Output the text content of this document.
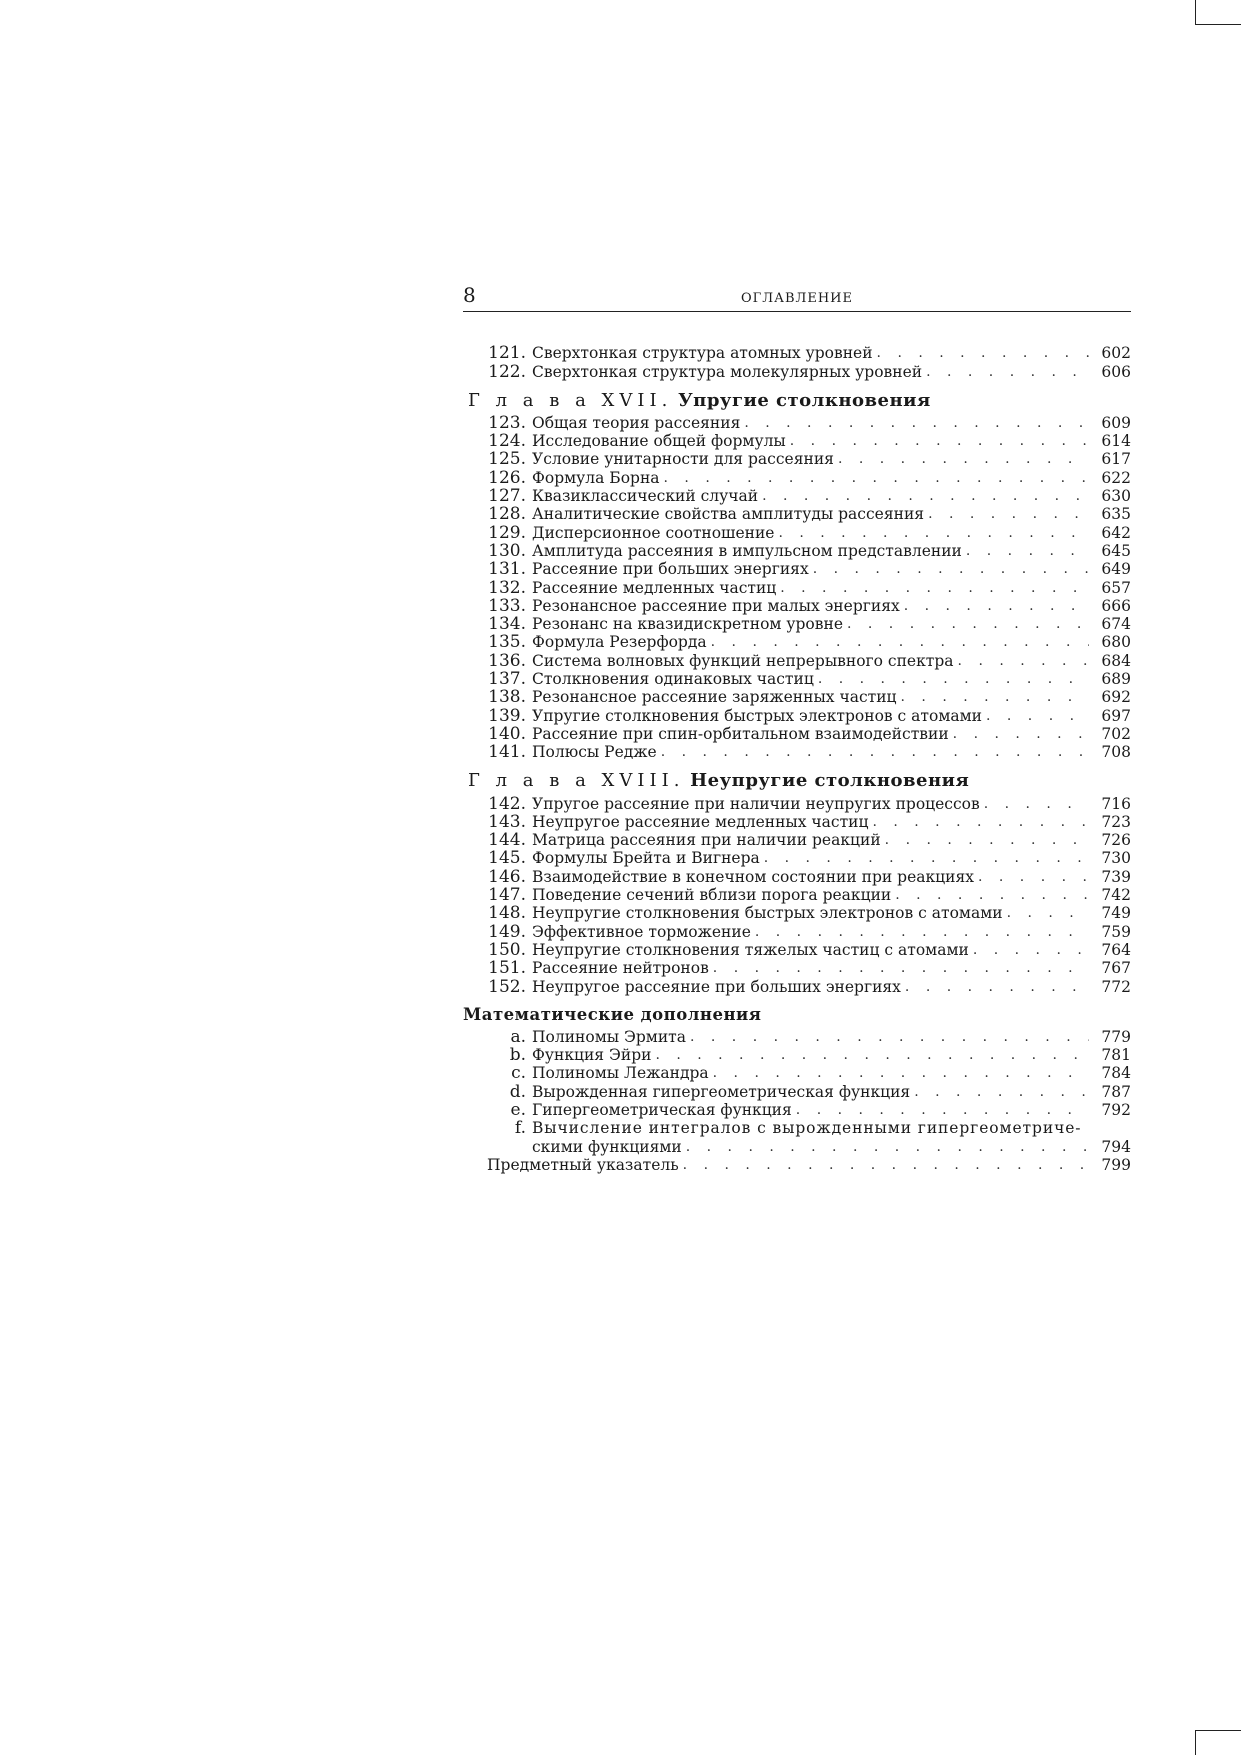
8	ОГЛАВЛЕНИЕ
121. Сверхтонкая структура атомных уровней . . .	602
122. Сверхтонкая структура молекулярных уровней . . .	606
Г л а в а XVII. Упругие столкновения
123. Общая теория рассеяния . . .	609
124. Исследование общей формулы . . .	614
125. Условие унитарности для рассеяния . . .	617
126. Формула Борна . . .	622
127. Квазиклассический случай . . .	630
128. Аналитические свойства амплитуды рассеяния . . .	635
129. Дисперсионное соотношение . . .	642
130. Амплитуда рассеяния в импульсном представлении . . .	645
131. Рассеяние при больших энергиях . . .	649
132. Рассеяние медленных частиц . . .	657
133. Резонансное рассеяние при малых энергиях . . .	666
134. Резонанс на квазидискретном уровне . . .	674
135. Формула Резерфорда . . .	680
136. Система волновых функций непрерывного спектра . . .	684
137. Столкновения одинаковых частиц . . .	689
138. Резонансное рассеяние заряженных частиц . . .	692
139. Упругие столкновения быстрых электронов с атомами . . .	697
140. Рассеяние при спин-орбитальном взаимодействии . . .	702
141. Полюсы Редже . . .	708
Г л а в а XVIII. Неупругие столкновения
142. Упругое рассеяние при наличии неупругих процессов . . .	716
143. Неупругое рассеяние медленных частиц . . .	723
144. Матрица рассеяния при наличии реакций . . .	726
145. Формулы Брейта и Вигнера . . .	730
146. Взаимодействие в конечном состоянии при реакциях . . .	739
147. Поведение сечений вблизи порога реакции . . .	742
148. Неупругие столкновения быстрых электронов с атомами . . .	749
149. Эффективное торможение . . .	759
150. Неупругие столкновения тяжелых частиц с атомами . . .	764
151. Рассеяние нейтронов . . .	767
152. Неупругое рассеяние при больших энергиях . . .	772
Математические дополнения
a. Полиномы Эрмита . . .	779
b. Функция Эйри . . .	781
c. Полиномы Лежандра . . .	784
d. Вырожденная гипергеометрическая функция . . .	787
e. Гипергеометрическая функция . . .	792
f. Вычисление интегралов с вырожденными гипергеометриче-
скими функциями . . .	794
Предметный указатель . . .	799
